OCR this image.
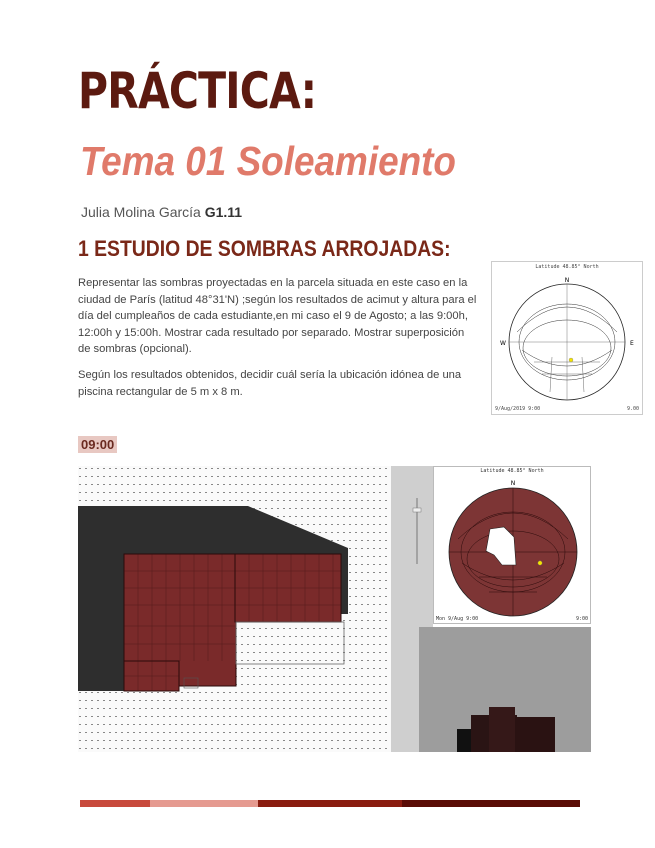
PRÁCTICA:
Tema 01 Soleamiento
Julia Molina García G1.11
1 ESTUDIO DE SOMBRAS ARROJADAS:

Representar las sombras proyectadas en la parcela situada en este caso en la ciudad de París (latitud 48°31'N) ;según los resultados de acimut y altura para el día del cumpleaños de cada estudiante,en mi caso el 9 de Agosto; a las 9:00h, 12:00h y 15:00h. Mostrar cada resultado por separado. Mostrar superposición de sombras (opcional).

Según los resultados obtenidos, decidir cuál sería la ubicación idónea de una piscina rectangular de 5 m x 8 m.

Latitude 48.85° North
N
E
W
9/Aug/2019 9:00	9.00
09:00
Latitude 48.85° North
N
Mon 9/Aug 9:00	9:00
